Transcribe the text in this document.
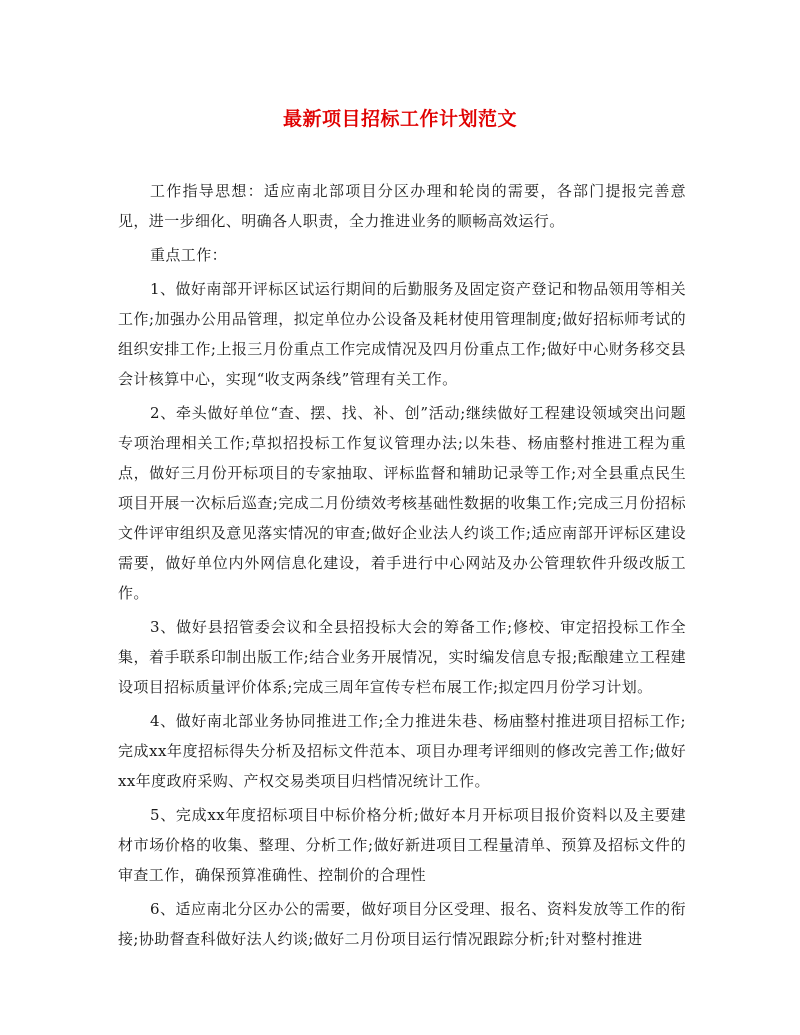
最新项目招标工作计划范文

工作指导思想：适应南北部项目分区办理和轮岗的需要，各部门提报完善意见，进一步细化、明确各人职责，全力推进业务的顺畅高效运行。

重点工作：

1、做好南部开评标区试运行期间的后勤服务及固定资产登记和物品领用等相关工作;加强办公用品管理，拟定单位办公设备及耗材使用管理制度;做好招标师考试的组织安排工作;上报三月份重点工作完成情况及四月份重点工作;做好中心财务移交县会计核算中心，实现“收支两条线”管理有关工作。

2、牵头做好单位“查、摆、找、补、创”活动;继续做好工程建设领域突出问题专项治理相关工作;草拟招投标工作复议管理办法;以朱巷、杨庙整村推进工程为重点，做好三月份开标项目的专家抽取、评标监督和辅助记录等工作;对全县重点民生项目开展一次标后巡查;完成二月份绩效考核基础性数据的收集工作;完成三月份招标文件评审组织及意见落实情况的审查;做好企业法人约谈工作;适应南部开评标区建设需要，做好单位内外网信息化建设，着手进行中心网站及办公管理软件升级改版工作。

3、做好县招管委会议和全县招投标大会的筹备工作;修校、审定招投标工作全集，着手联系印制出版工作;结合业务开展情况，实时编发信息专报;酝酿建立工程建设项目招标质量评价体系;完成三周年宣传专栏布展工作;拟定四月份学习计划。

4、做好南北部业务协同推进工作;全力推进朱巷、杨庙整村推进项目招标工作;完成xx年度招标得失分析及招标文件范本、项目办理考评细则的修改完善工作;做好xx年度政府采购、产权交易类项目归档情况统计工作。

5、完成xx年度招标项目中标价格分析;做好本月开标项目报价资料以及主要建材市场价格的收集、整理、分析工作;做好新进项目工程量清单、预算及招标文件的审查工作，确保预算准确性、控制价的合理性

6、适应南北分区办公的需要，做好项目分区受理、报名、资料发放等工作的衔接;协助督查科做好法人约谈;做好二月份项目运行情况跟踪分析;针对整村推进
